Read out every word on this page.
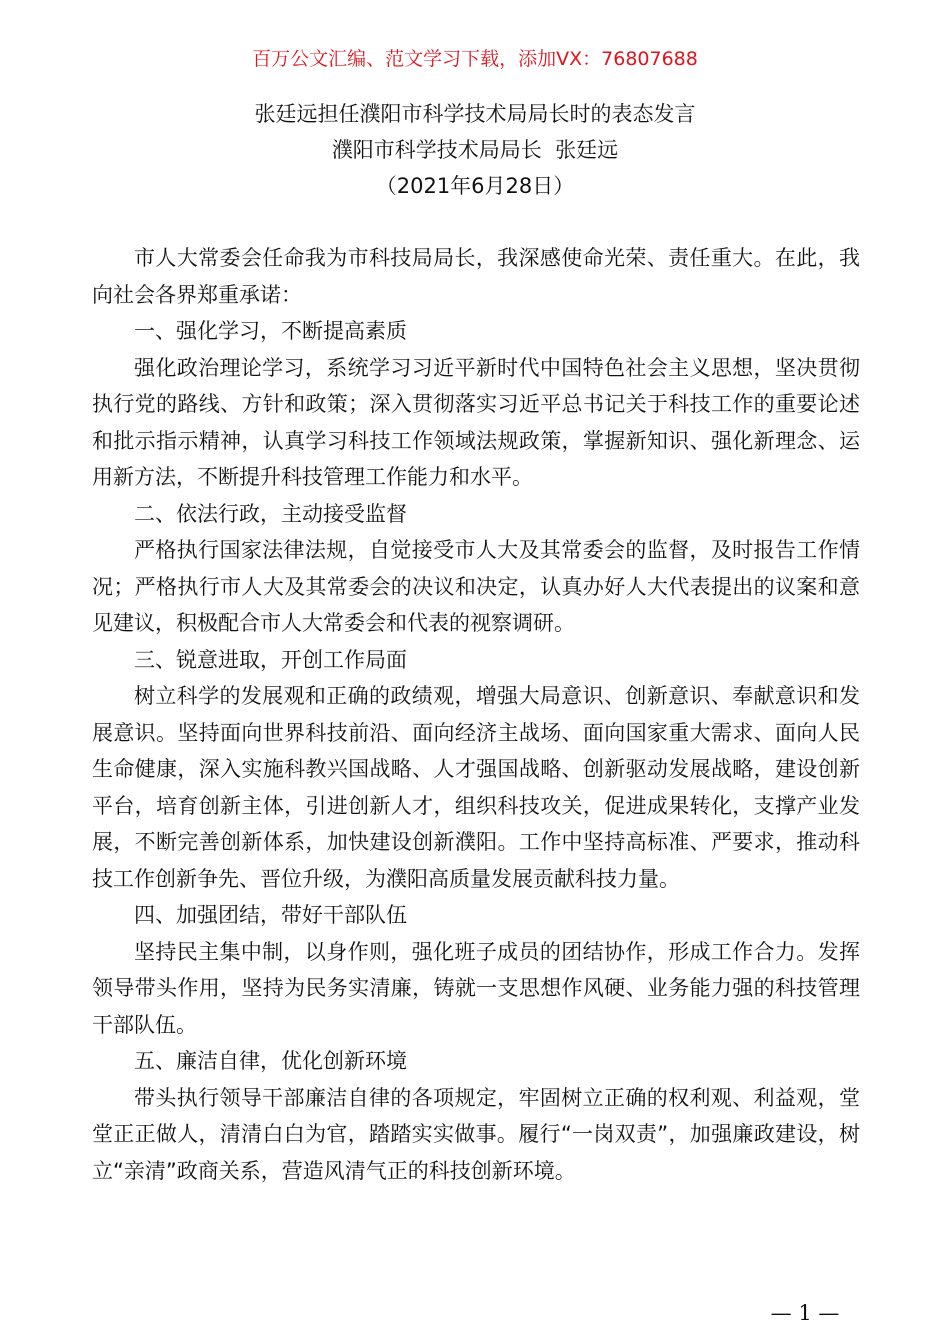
百万公文汇编、范文学习下载，添加VX：76807688
张廷远担任濮阳市科学技术局局长时的表态发言
濮阳市科学技术局局长  张廷远
（2021年6月28日）

市人大常委会任命我为市科技局局长，我深感使命光荣、责任重大。在此，我向社会各界郑重承诺：

一、强化学习，不断提高素质

强化政治理论学习，系统学习习近平新时代中国特色社会主义思想，坚决贯彻执行党的路线、方针和政策；深入贯彻落实习近平总书记关于科技工作的重要论述和批示指示精神，认真学习科技工作领域法规政策，掌握新知识、强化新理念、运用新方法，不断提升科技管理工作能力和水平。

二、依法行政，主动接受监督

严格执行国家法律法规，自觉接受市人大及其常委会的监督，及时报告工作情况；严格执行市人大及其常委会的决议和决定，认真办好人大代表提出的议案和意见建议，积极配合市人大常委会和代表的视察调研。

三、锐意进取，开创工作局面

树立科学的发展观和正确的政绩观，增强大局意识、创新意识、奉献意识和发展意识。坚持面向世界科技前沿、面向经济主战场、面向国家重大需求、面向人民生命健康，深入实施科教兴国战略、人才强国战略、创新驱动发展战略，建设创新平台，培育创新主体，引进创新人才，组织科技攻关，促进成果转化，支撑产业发展，不断完善创新体系，加快建设创新濮阳。工作中坚持高标准、严要求，推动科技工作创新争先、晋位升级，为濮阳高质量发展贡献科技力量。

四、加强团结，带好干部队伍

坚持民主集中制，以身作则，强化班子成员的团结协作，形成工作合力。发挥领导带头作用，坚持为民务实清廉，铸就一支思想作风硬、业务能力强的科技管理干部队伍。

五、廉洁自律，优化创新环境

带头执行领导干部廉洁自律的各项规定，牢固树立正确的权利观、利益观，堂堂正正做人，清清白白为官，踏踏实实做事。履行“一岗双责”，加强廉政建设，树立“亲清”政商关系，营造风清气正的科技创新环境。

— 1 —
